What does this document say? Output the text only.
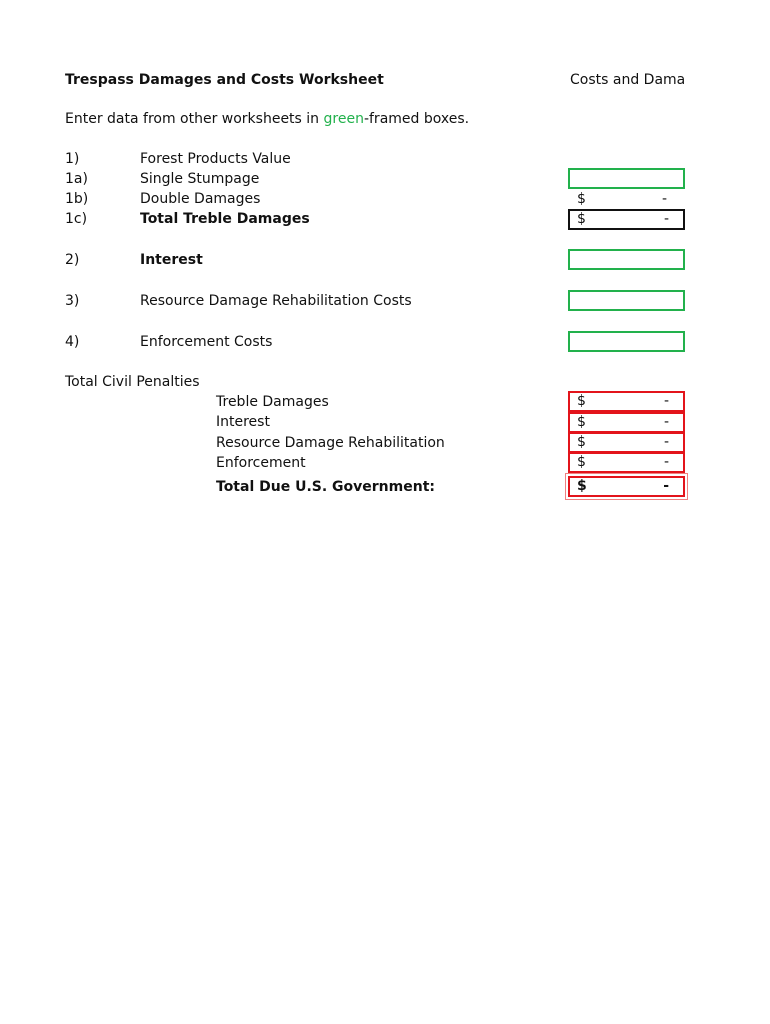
Trespass Damages and Costs Worksheet	Costs and Dama
Enter data from other worksheets in green-framed boxes.
1)	Forest Products Value
1a)	Single Stumpage
1b)	Double Damages	$	-
1c)	Total Treble Damages	$	-
2)	Interest
3)	Resource Damage Rehabilitation Costs
4)	Enforcement Costs
Total Civil Penalties
Treble Damages	$	-
Interest	$	-
Resource Damage Rehabilitation	$	-
Enforcement	$	-
Total Due U.S. Government:	$	-
